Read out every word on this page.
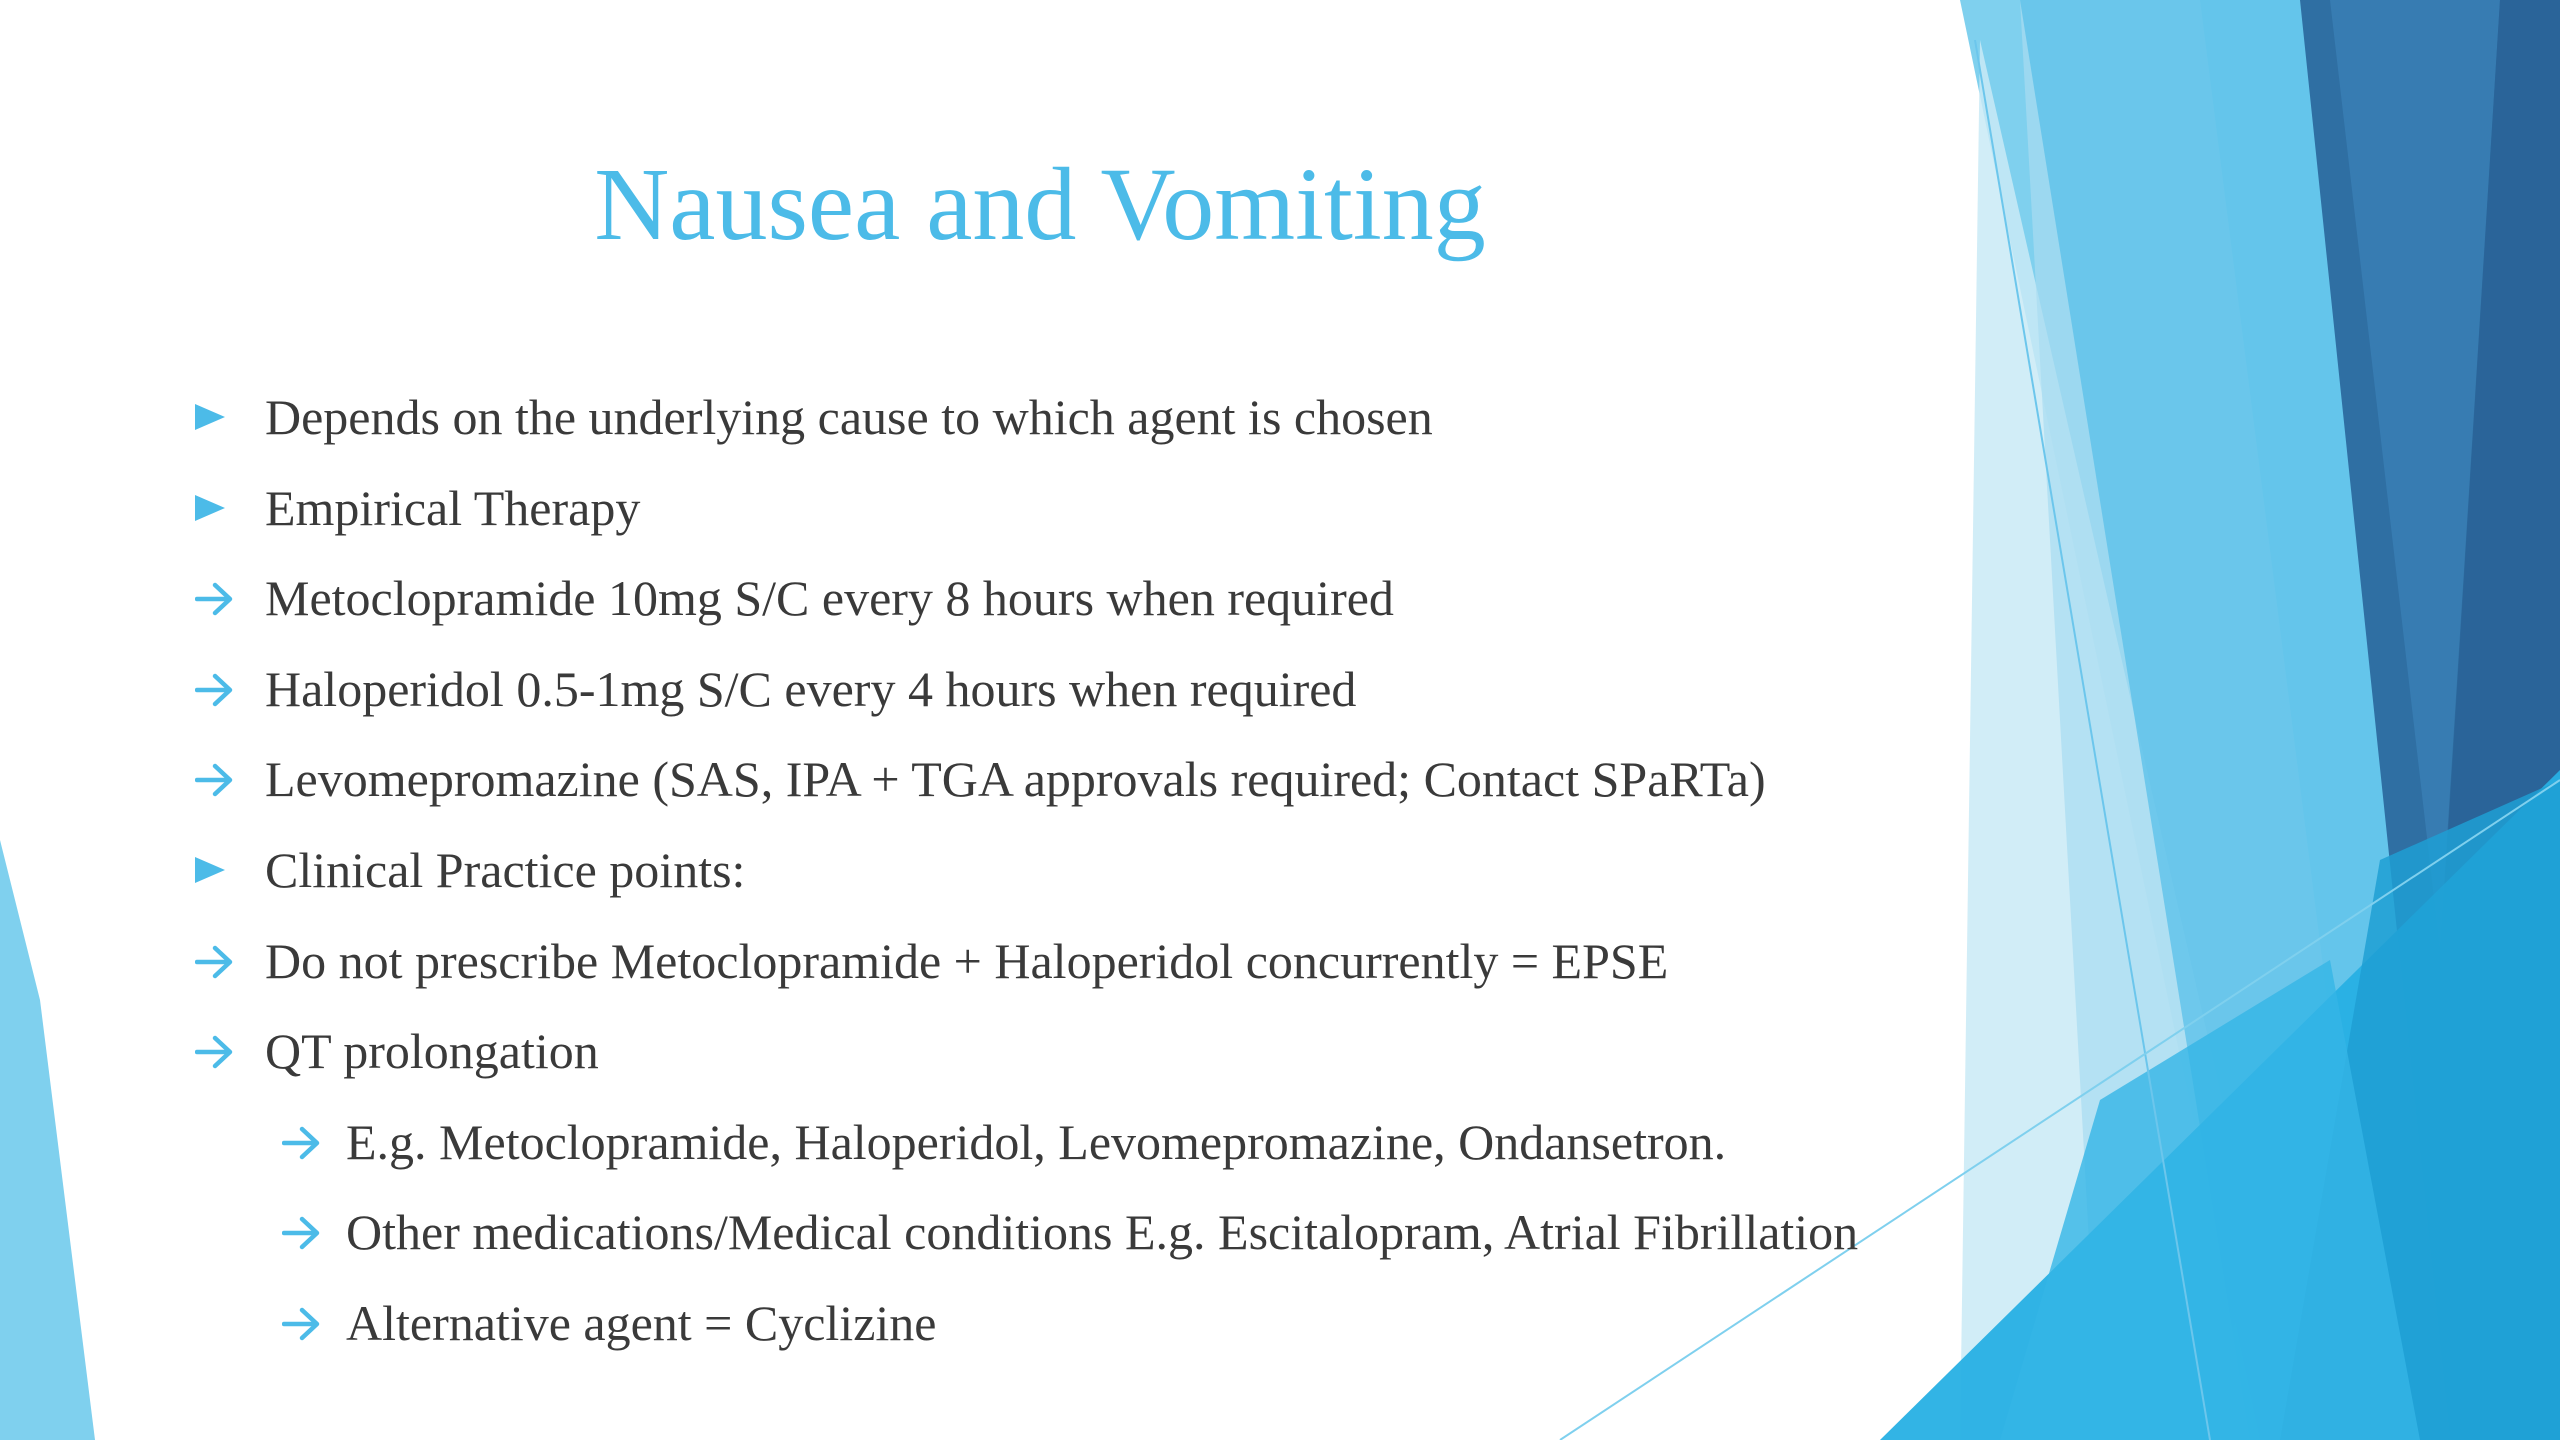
Nausea and Vomiting
Depends on the underlying cause to which agent is chosen
Empirical Therapy
Metoclopramide 10mg S/C every 8 hours when required
Haloperidol 0.5-1mg S/C every 4 hours when required
Levomepromazine (SAS, IPA + TGA approvals required; Contact SPaRTa)
Clinical Practice points:
Do not prescribe Metoclopramide + Haloperidol concurrently = EPSE
QT prolongation
E.g. Metoclopramide, Haloperidol, Levomepromazine, Ondansetron.
Other medications/Medical conditions E.g. Escitalopram, Atrial Fibrillation
Alternative agent = Cyclizine
